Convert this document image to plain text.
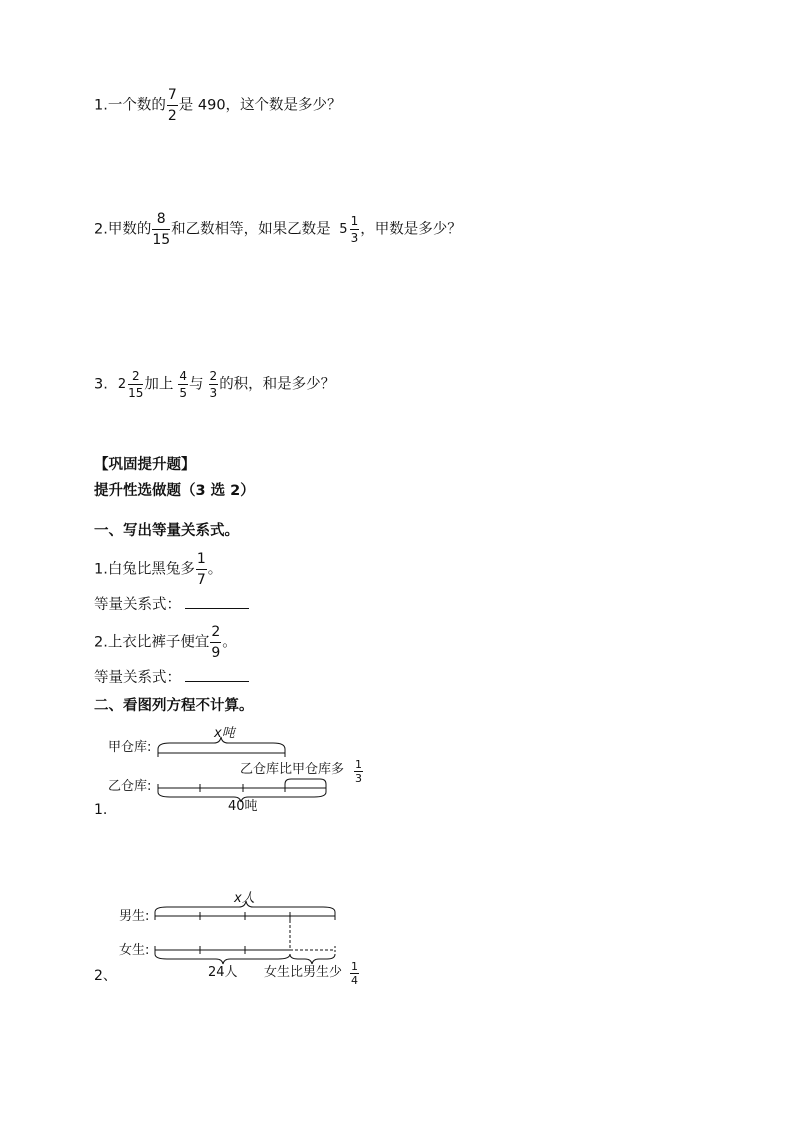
1.一个数的 $\frac{7}{2}$ 是 490，这个数是多少？
2.甲数的 $\frac{8}{15}$ 和乙数相等，如果乙数是 $5 \frac{1}{3}$ ，甲数是多少？
3. $2 \frac{2}{15}$ 加上 $\frac{4}{5}$ 与 $\frac{2}{3}$ 的积，和是多少？
【巩固提升题】
提升性选做题（3 选 2）
一、写出等量关系式。
1.白兔比黑兔多 $\frac{1}{7}$ 。
等量关系式：
2.上衣比裤子便宜 $\frac{2}{9}$ 。
等量关系式：
二、看图列方程不计算。
甲仓库:
乙仓库:
x吨
乙仓库比甲仓库多 $\frac{1}{3}$
40吨
1.
男生:
女生:
x人
24人 女生比男生少 $\frac{1}{4}$
2、
